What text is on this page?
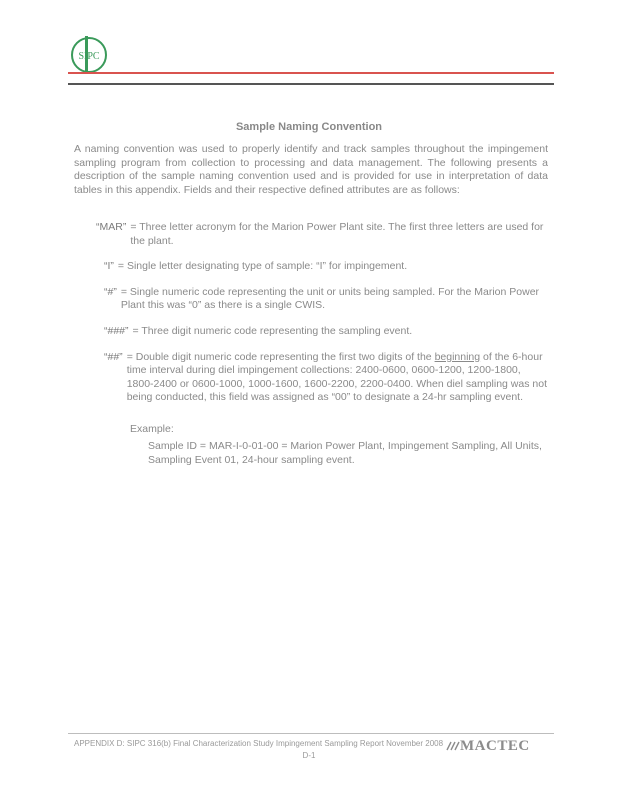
SIPC
Sample Naming Convention
A naming convention was used to properly identify and track samples throughout the impingement sampling program from collection to processing and data management. The following presents a description of the sample naming convention used and is provided for use in interpretation of data tables in this appendix. Fields and their respective defined attributes are as follows:
“MAR” = Three letter acronym for the Marion Power Plant site. The first three letters are used for the plant.
“I” = Single letter designating type of sample: “I” for impingement.
“#” = Single numeric code representing the unit or units being sampled. For the Marion Power Plant this was “0” as there is a single CWIS.
“###” = Three digit numeric code representing the sampling event.
“##” = Double digit numeric code representing the first two digits of the beginning of the 6-hour time interval during diel impingement collections: 2400-0600, 0600-1200, 1200-1800, 1800-2400 or 0600-1000, 1000-1600, 1600-2200, 2200-0400. When diel sampling was not being conducted, this field was assigned as “00” to designate a 24-hr sampling event.
Example:
Sample ID = MAR-I-0-01-00 = Marion Power Plant, Impingement Sampling, All Units, Sampling Event 01, 24-hour sampling event.
APPENDIX D: SIPC 316(b) Final Characterization Study Impingement Sampling Report November 2008
D-1
MACTEC
